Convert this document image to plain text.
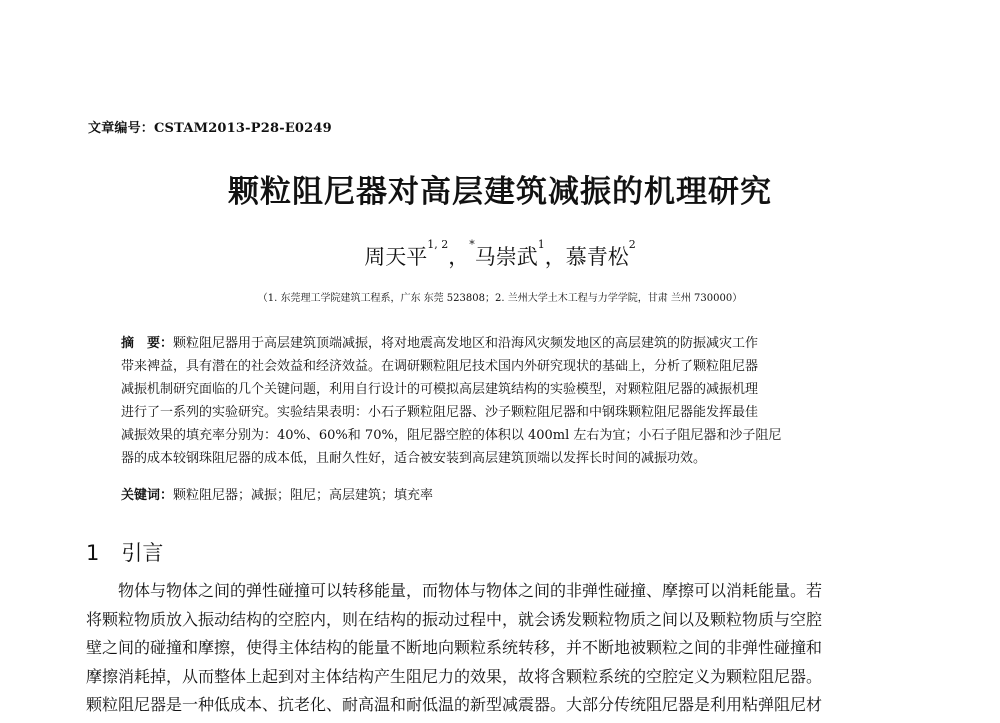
文章编号：CSTAM2013-P28-E0249
颗粒阻尼器对高层建筑减振的机理研究
周天平$^{1, 2}$，*马崇武$^1$，慕青松$^2$
（1. 东莞理工学院建筑工程系，广东 东莞 523808；2. 兰州大学土木工程与力学学院，甘肃 兰州 730000）
摘　要：颗粒阻尼器用于高层建筑顶端减振，将对地震高发地区和沿海风灾频发地区的高层建筑的防振减灾工作
带来裨益，具有潜在的社会效益和经济效益。在调研颗粒阻尼技术国内外研究现状的基础上，分析了颗粒阻尼器
减振机制研究面临的几个关键问题，利用自行设计的可模拟高层建筑结构的实验模型，对颗粒阻尼器的减振机理
进行了一系列的实验研究。实验结果表明：小石子颗粒阻尼器、沙子颗粒阻尼器和中钢珠颗粒阻尼器能发挥最佳
减振效果的填充率分别为：40%、60%和 70%，阻尼器空腔的体积以 400ml 左右为宜；小石子阻尼器和沙子阻尼
器的成本较钢珠阻尼器的成本低，且耐久性好，适合被安装到高层建筑顶端以发挥长时间的减振功效。
关键词：颗粒阻尼器；减振；阻尼；高层建筑；填充率
1 引言
物体与物体之间的弹性碰撞可以转移能量，而物体与物体之间的非弹性碰撞、摩擦可以消耗能量。若
将颗粒物质放入振动结构的空腔内，则在结构的振动过程中，就会诱发颗粒物质之间以及颗粒物质与空腔
壁之间的碰撞和摩擦，使得主体结构的能量不断地向颗粒系统转移，并不断地被颗粒之间的非弹性碰撞和
摩擦消耗掉，从而整体上起到对主体结构产生阻尼力的效果，故将含颗粒系统的空腔定义为颗粒阻尼器。
颗粒阻尼器是一种低成本、抗老化、耐高温和耐低温的新型减震器。大部分传统阻尼器是利用粘弹阻尼材
